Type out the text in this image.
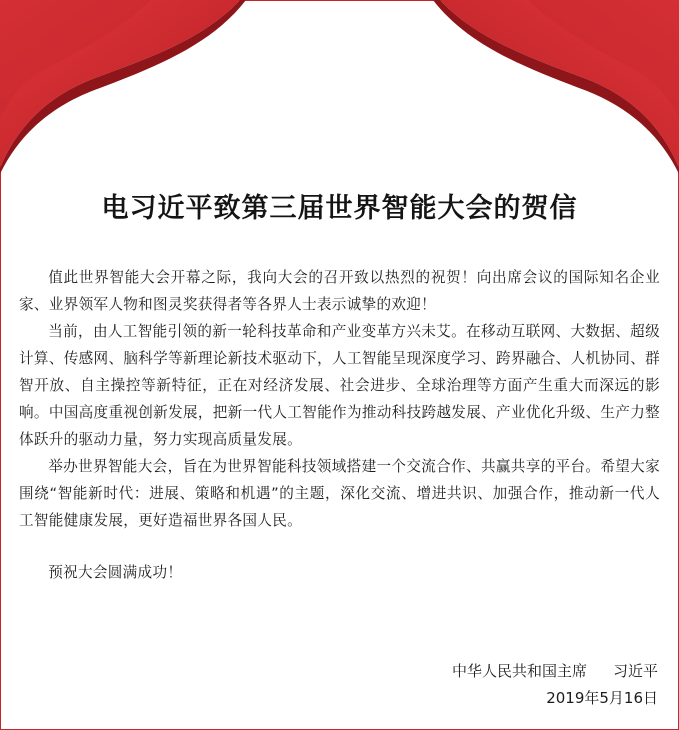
电习近平致第三届世界智能大会的贺信

值此世界智能大会开幕之际，我向大会的召开致以热烈的祝贺！向出席会议的国际知名企业家、业界领军人物和图灵奖获得者等各界人士表示诚挚的欢迎！

当前，由人工智能引领的新一轮科技革命和产业变革方兴未艾。在移动互联网、大数据、超级计算、传感网、脑科学等新理论新技术驱动下，人工智能呈现深度学习、跨界融合、人机协同、群智开放、自主操控等新特征，正在对经济发展、社会进步、全球治理等方面产生重大而深远的影响。中国高度重视创新发展，把新一代人工智能作为推动科技跨越发展、产业优化升级、生产力整体跃升的驱动力量，努力实现高质量发展。

举办世界智能大会，旨在为世界智能科技领域搭建一个交流合作、共赢共享的平台。希望大家围绕“智能新时代：进展、策略和机遇”的主题，深化交流、增进共识、加强合作，推动新一代人工智能健康发展，更好造福世界各国人民。

预祝大会圆满成功！

中华人民共和国主席 习近平
2019年5月16日
